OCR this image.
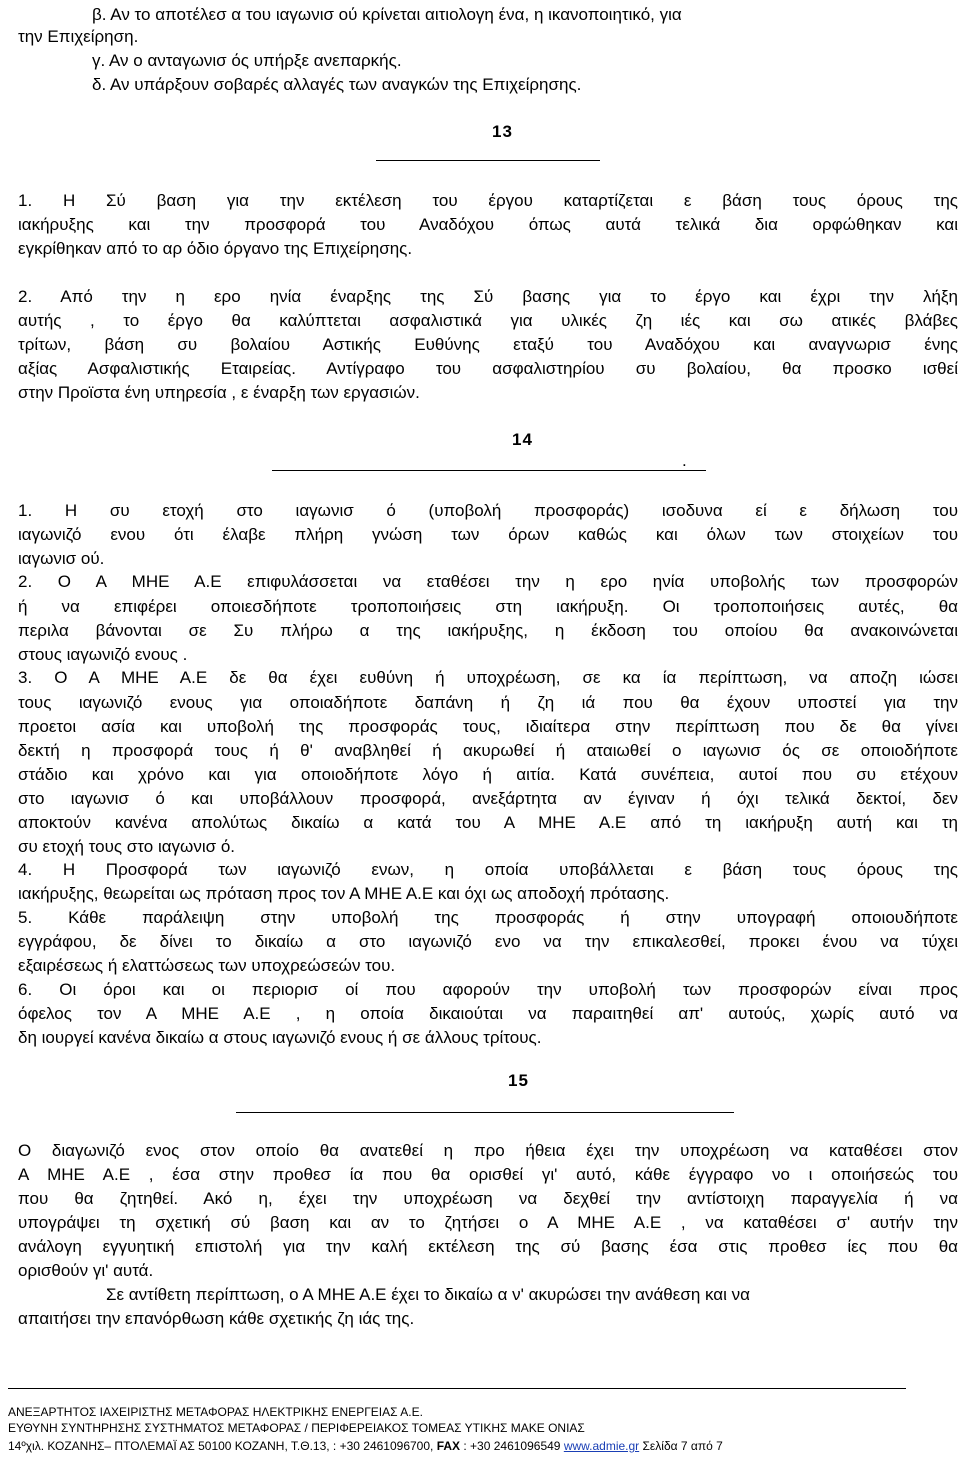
β. Αν το αποτέλεσ α του ιαγωνισ ού κρίνεται αιτιολογη ένα, η ικανοποιητικό, για
την Επιχείρηση.
γ. Αν ο ανταγωνισ ός υπήρξε ανεπαρκής.
δ. Αν υπάρξουν σοβαρές αλλαγές των αναγκών της Επιχείρησης.
13
1. Η Σύ βαση για την εκτέλεση του έργου καταρτίζεται ε βάση τους όρους της
ιακήρυξης και την προσφορά του Αναδόχου όπως αυτά τελικά δια ορφώθηκαν και
εγκρίθηκαν από το αρ όδιο όργανο της Επιχείρησης.
2. Από την η ερο ηνία έναρξης της Σύ βασης για το έργο και έχρι την λήξη
αυτής , το έργο θα καλύπτεται ασφαλιστικά για υλικές ζη ιές και σω ατικές βλάβες
τρίτων, βάση συ βολαίου Αστικής Ευθύνης εταξύ του Αναδόχου και αναγνωρισ ένης
αξίας Ασφαλιστικής Εταιρείας. Αντίγραφο του ασφαλιστηρίου συ βολαίου, θα προσκο ισθεί
στην Προϊστα ένη υπηρεσία , ε έναρξη των εργασιών.
14
.
1. Η συ ετοχή στο ιαγωνισ ό (υποβολή προσφοράς) ισοδυνα εί ε δήλωση του
ιαγωνιζό ενου ότι έλαβε πλήρη γνώση των όρων καθώς και όλων των στοιχείων του
ιαγωνισ ού.
2. Ο Α ΜΗΕ Α.Ε επιφυλάσσεται να εταθέσει την η ερο ηνία υποβολής των προσφορών
ή να επιφέρει οποιεσδήποτε τροποποιήσεις στη ιακήρυξη. Οι τροποποιήσεις αυτές, θα
περιλα βάνονται σε Συ πλήρω α της ιακήρυξης, η έκδοση του οποίου θα ανακοινώνεται
στους ιαγωνιζό ενους .
3. Ο Α ΜΗΕ Α.Ε δε θα έχει ευθύνη ή υποχρέωση, σε κα ία περίπτωση, να αποζη ιώσει
τους ιαγωνιζό ενους για οποιαδήποτε δαπάνη ή ζη ιά που θα έχουν υποστεί για την
προετοι ασία και υποβολή της προσφοράς τους, ιδιαίτερα στην περίπτωση που δε θα γίνει
δεκτή η προσφορά τους ή θ' αναβληθεί ή ακυρωθεί ή αταιωθεί ο ιαγωνισ ός σε οποιοδήποτε
στάδιο και χρόνο και για οποιοδήποτε λόγο ή αιτία. Κατά συνέπεια, αυτοί που συ ετέχουν
στο ιαγωνισ ό και υποβάλλουν προσφορά, ανεξάρτητα αν έγιναν ή όχι τελικά δεκτοί, δεν
αποκτούν κανένα απολύτως δικαίω α κατά του Α ΜΗΕ Α.Ε από τη ιακήρυξη αυτή και τη
συ ετοχή τους στο ιαγωνισ ό.
4. Η Προσφορά των ιαγωνιζό ενων, η οποία υποβάλλεται ε βάση τους όρους της
ιακήρυξης, θεωρείται ως πρόταση προς τον Α ΜΗΕ Α.Ε και όχι ως αποδοχή πρότασης.
5. Κάθε παράλειψη στην υποβολή της προσφοράς ή στην υπογραφή οποιουδήποτε
εγγράφου, δε δίνει το δικαίω α στο ιαγωνιζό ενο να την επικαλεσθεί, προκει ένου να τύχει
εξαιρέσεως ή ελαττώσεως των υποχρεώσεών του.
6. Οι όροι και οι περιορισ οί που αφορούν την υποβολή των προσφορών είναι προς
όφελος τον Α ΜΗΕ Α.Ε , η οποία δικαιούται να παραιτηθεί απ' αυτούς, χωρίς αυτό να
δη ιουργεί κανένα δικαίω α στους ιαγωνιζό ενους ή σε άλλους τρίτους.
15
Ο διαγωνιζό ενος στον οποίο θα ανατεθεί η προ ήθεια έχει την υποχρέωση να καταθέσει στον
Α ΜΗΕ Α.Ε , έσα στην προθεσ ία που θα ορισθεί γι' αυτό, κάθε έγγραφο νο ι οποιήσεώς του
που θα ζητηθεί. Ακό η, έχει την υποχρέωση να δεχθεί την αντίστοιχη παραγγελία ή να
υπογράψει τη σχετική σύ βαση και αν το ζητήσει ο Α ΜΗΕ Α.Ε , να καταθέσει σ' αυτήν την
ανάλογη εγγυητική επιστολή για την καλή εκτέλεση της σύ βασης έσα στις προθεσ ίες που θα
ορισθούν γι' αυτά.
Σε αντίθετη περίπτωση, ο Α ΜΗΕ Α.Ε έχει το δικαίω α ν' ακυρώσει την ανάθεση και να
απαιτήσει την επανόρθωση κάθε σχετικής ζη ιάς της.
ΑΝΕΞΑΡΤΗΤΟΣ ΙΑΧΕΙΡΙΣΤΗΣ ΜΕΤΑΦΟΡΑΣ ΗΛΕΚΤΡΙΚΗΣ ΕΝΕΡΓΕΙΑΣ Α.Ε.
ΕΥΘΥΝΗ ΣΥΝΤΗΡΗΣΗΣ ΣΥΣΤΗΜΑΤΟΣ ΜΕΤΑΦΟΡΑΣ / ΠΕΡΙΦΕΡΕΙΑΚΟΣ ΤΟΜΕΑΣ ΥΤΙΚΗΣ ΜΑΚΕ ΟΝΙΑΣ
14ºχιλ. ΚΟΖΑΝΗΣ– ΠΤΟΛΕΜΑΪ ΑΣ 50100 ΚΟΖΑΝΗ, Τ.Θ.13, : +30 2461096700, FAX : +30 2461096549 www.admie.gr Σελίδα 7 από 7
